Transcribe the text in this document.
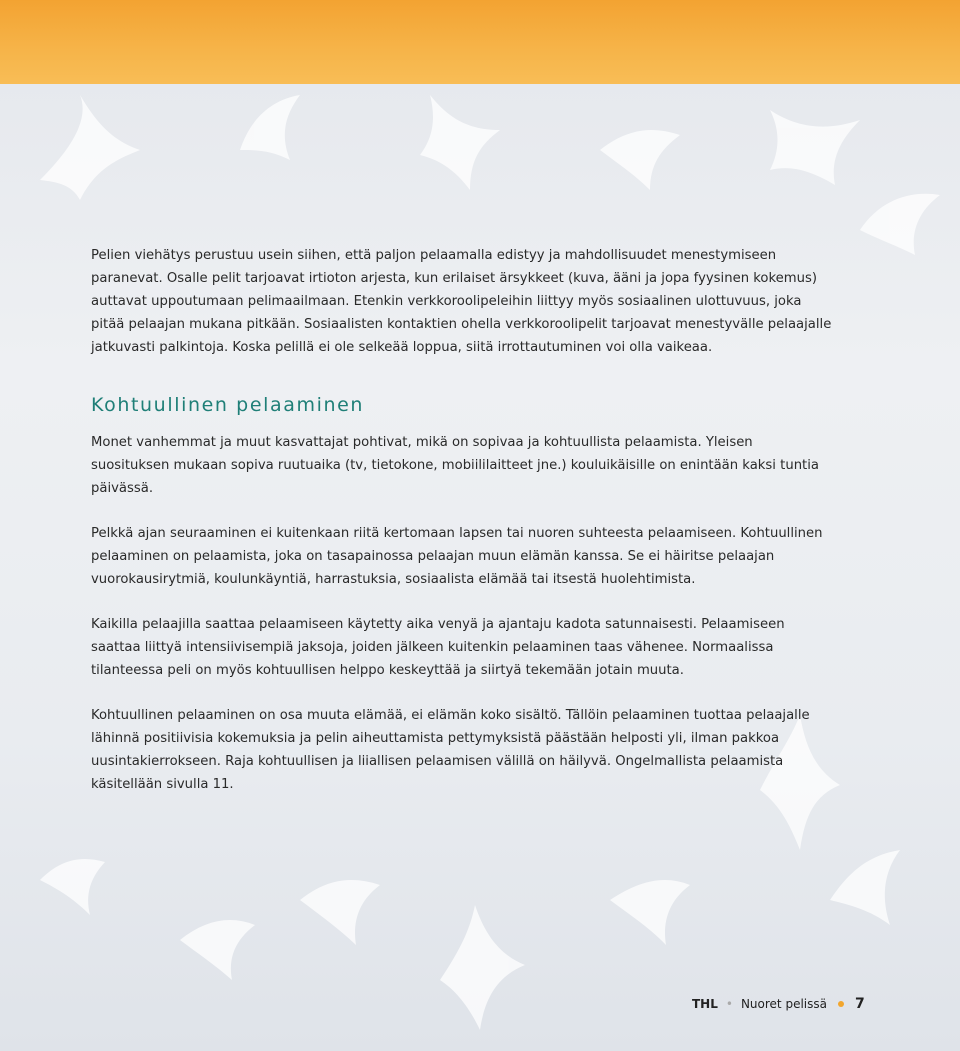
Pelien viehätys perustuu usein siihen, että paljon pelaamalla edistyy ja mahdollisuudet menestymiseen paranevat. Osalle pelit tarjoavat irtioton arjesta, kun erilaiset ärsykkeet (kuva, ääni ja jopa fyysinen kokemus) auttavat uppoutumaan pelimaailmaan. Etenkin verkkoroolipeleihin liittyy myös sosiaalinen ulottuvuus, joka pitää pelaajan mukana pitkään. Sosiaalisten kontaktien ohella verkkoroolipelit tarjoavat menestyvälle pelaajalle jatkuvasti palkintoja. Koska pelillä ei ole selkeää loppua, siitä irrottautuminen voi olla vaikeaa.

Kohtuullinen pelaaminen

Monet vanhemmat ja muut kasvattajat pohtivat, mikä on sopivaa ja kohtuullista pelaamista. Yleisen suosituksen mukaan sopiva ruutuaika (tv, tietokone, mobiililaitteet jne.) kouluikäisille on enintään kaksi tuntia päivässä.

Pelkkä ajan seuraaminen ei kuitenkaan riitä kertomaan lapsen tai nuoren suhteesta pelaamiseen. Kohtuullinen pelaaminen on pelaamista, joka on tasapainossa pelaajan muun elämän kanssa. Se ei häiritse pelaajan vuorokausirytmiä, koulunkäyntiä, harrastuksia, sosiaalista elämää tai itsestä huolehtimista.

Kaikilla pelaajilla saattaa pelaamiseen käytetty aika venyä ja ajantaju kadota satunnaisesti. Pelaamiseen saattaa liittyä intensiivisempiä jaksoja, joiden jälkeen kuitenkin pelaaminen taas vähenee. Normaalissa tilanteessa peli on myös kohtuullisen helppo keskeyttää ja siirtyä tekemään jotain muuta.

Kohtuullinen pelaaminen on osa muuta elämää, ei elämän koko sisältö. Tällöin pelaaminen tuottaa pelaajalle lähinnä positiivisia kokemuksia ja pelin aiheuttamista pettymyksistä päästään helposti yli, ilman pakkoa uusintakierrokseen. Raja kohtuullisen ja liiallisen pelaamisen välillä on häilyvä. Ongelmallista pelaamista käsitellään sivulla 11.

THL • Nuoret pelissä 7
